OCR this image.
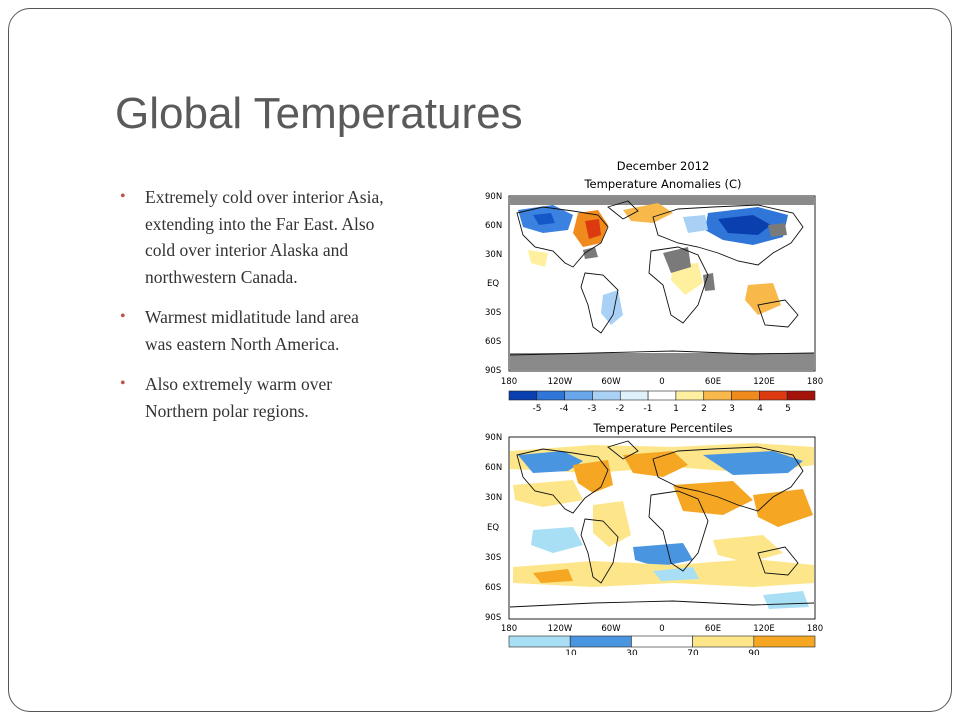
Global Temperatures
• Extremely cold over interior Asia, extending into the Far East. Also cold over interior Alaska and northwestern Canada.
• Warmest midlatitude land area was eastern North America.
• Also extremely warm over Northern polar regions.
December 2012
Temperature Anomalies (C)
90N
60N
30N
EQ
30S
60S
90S
180	120W	60W	0	60E	120E	180
-5 -4 -3 -2 -1 1 2 3 4 5
Temperature Percentiles
90N
60N
30N
EQ
30S
60S
90S
180	120W	60W	0	60E	120E	180
10	30	70	90
